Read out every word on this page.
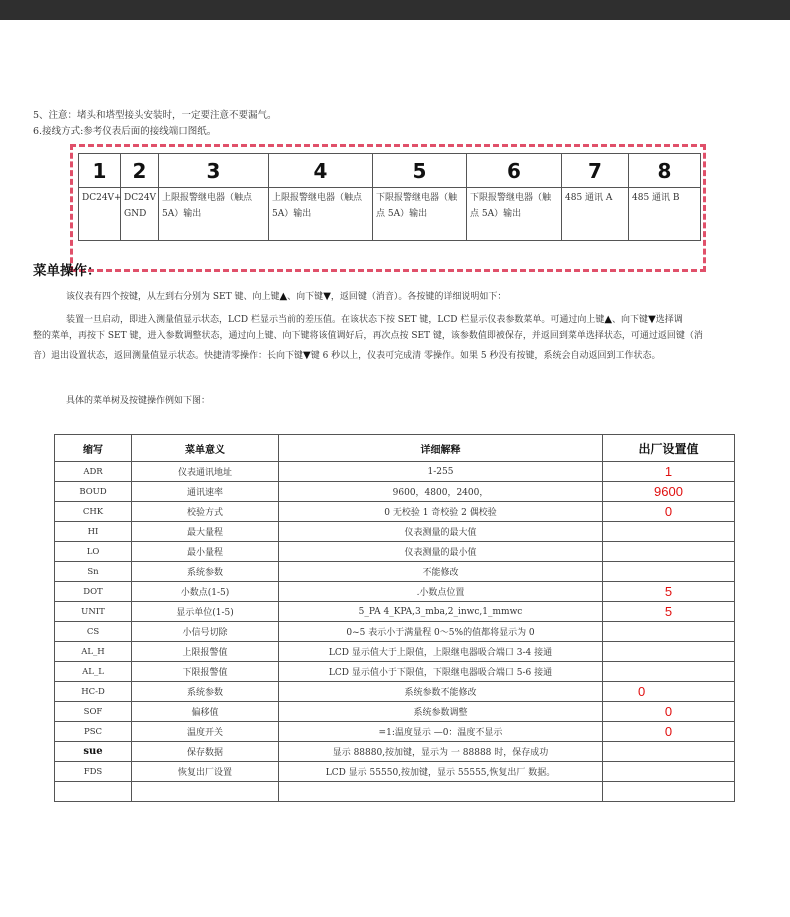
5、注意：堵头和塔型接头安装时，一定要注意不要漏气。
6.接线方式:参考仪表后面的接线端口图纸。
1	2	3	4	5	6	7	8
DC24V+	DC24V GND	上限报警继电器（触点 5A）输出	上限报警继电器（触点 5A）输出	下限报警继电器（触点 5A）输出	下限报警继电器（触点 5A）输出	485 通讯 A	485 通讯 B
菜单操作：
该仪表有四个按键，从左到右分别为 SET 键、向上键▲、向下键▼，返回键（消音）。各按键的详细说明如下：
装置一旦启动，即进入测量值显示状态，LCD 栏显示当前的差压值。在该状态下按 SET 键，LCD 栏显示仪表参数菜单。可通过向上键▲、向下键▼选择调
整的菜单，再按下 SET 键，进入参数调整状态，通过向上键、向下键将该值调好后，再次点按 SET 键，该参数值即被保存，并返回到菜单选择状态，可通过返回键（消
音）退出设置状态，返回测量值显示状态。快捷清零操作：长向下键▼键 6 秒以上，仪表可完成清 零操作。如果 5 秒没有按键，系统会自动返回到工作状态。
具体的菜单树及按键操作例如下图：
缩写	菜单意义	详细解释	出厂设置值
ADR	仪表通讯地址	1-255	1
BOUD	通讯速率	9600，4800，2400，	9600
CHK	校验方式	0 无校验 1 奇校验 2 偶校验	0
HI	最大量程	仪表测量的最大值	
LO	最小量程	仪表测量的最小值	
Sn	系统参数	不能修改	
DOT	小数点(1-5)	.小数点位置	5
UNIT	显示单位(1-5)	5_PA 4_KPA,3_mba,2_inwc,1_mmwc	5
CS	小信号切除	0~5 表示小于满量程 0～5%的值都将显示为 0	
AL_H	上限报警值	LCD 显示值大于上限值，上限继电器吸合端口 3-4 接通	
AL_L	下限报警值	LCD 显示值小于下限值，下限继电器吸合端口 5-6 接通	
HC-D	系统参数	系统参数不能修改	0
SOF	偏移值	系统参数调整	0
PSC	温度开关	=1:温度显示 —0：温度不显示	0
sue	保存数据	显示 88880,按加键，显示为 一 88888 时，保存成功	
FDS	恢复出厂设置	LCD 显示 55550,按加键，显示 55555,恢复出厂 数据。	
